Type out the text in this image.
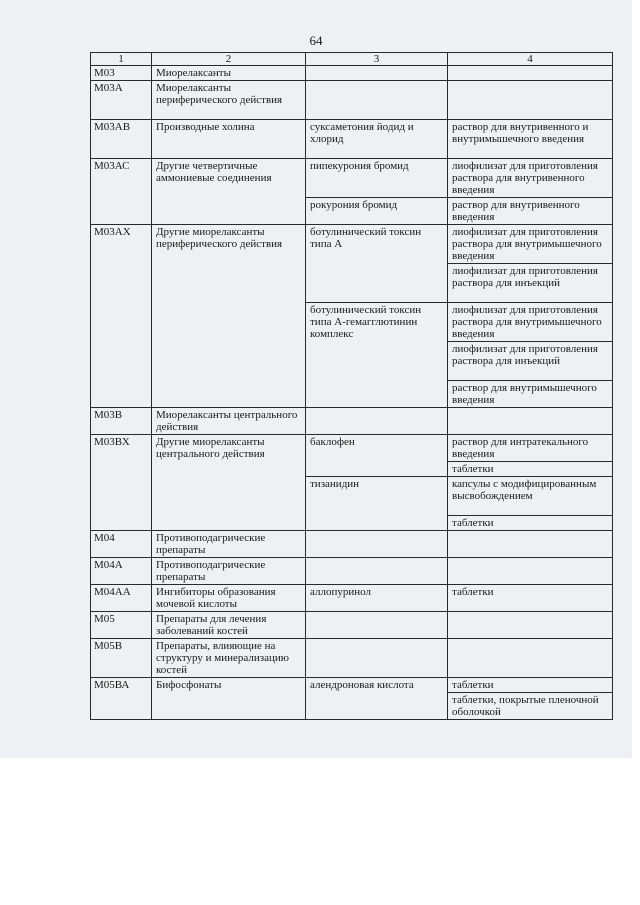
64
1	2	3	4
М03	Миорелаксанты		
М03А	Миорелаксанты периферического действия		
М03АВ	Производные холина	суксаметония йодид и хлорид	раствор для внутривенного и внутримышечного введения
М03АС	Другие четвертичные аммониевые соединения	пипекурония бромид	лиофилизат для приготовления раствора для внутривенного введения
		рокурония бромид	раствор для внутривенного введения
М03АХ	Другие миорелаксанты периферического действия	ботулинический токсин типа А	лиофилизат для приготовления раствора для внутримышечного введения
			лиофилизат для приготовления раствора для инъекций
		ботулинический токсин типа А-гемагглютинин комплекс	лиофилизат для приготовления раствора для внутримышечного введения
			лиофилизат для приготовления раствора для инъекций
			раствор для внутримышечного введения
М03В	Миорелаксанты центрального действия		
М03ВХ	Другие миорелаксанты центрального действия	баклофен	раствор для интратекального введения
			таблетки
		тизанидин	капсулы с модифицированным высвобождением
			таблетки
М04	Противоподагрические препараты		
М04А	Противоподагрические препараты		
М04АА	Ингибиторы образования мочевой кислоты	аллопуринол	таблетки
М05	Препараты для лечения заболеваний костей		
М05В	Препараты, влияющие на структуру и минерализацию костей		
М05ВА	Бифосфонаты	алендроновая кислота	таблетки
			таблетки, покрытые пленочной оболочкой
